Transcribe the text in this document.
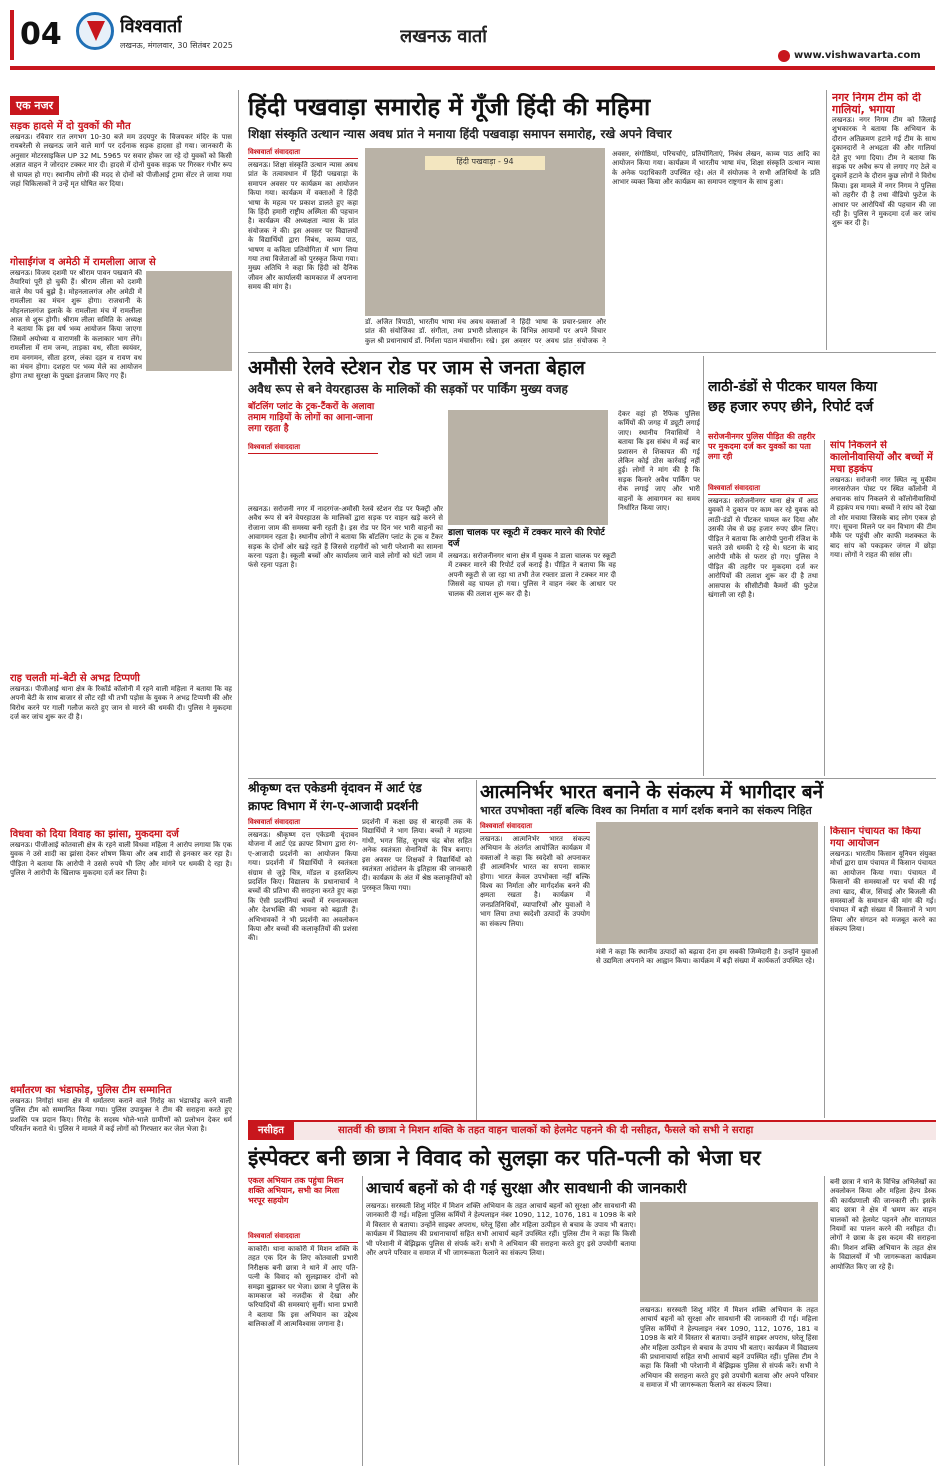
04	विश्ववार्ता
लखनऊ, मंगलवार, 30 सितंबर 2025	लखनऊ वार्ता
www.vishwavarta.com
एक नजर
सड़क हादसे में दो युवकों की मौत
लखनऊ। रविवार रात लगभग 10-30 बजे मम उदयपुर के विजयकर मंदिर के पास रायबरेली से लखनऊ जाने वाले मार्ग पर दर्दनाक सड़क हादसा हो गया। जानकारी के अनुसार मोटरसाइकिल UP 32 ML 5965 पर सवार होकर जा रहे दो युवकों को किसी अज्ञात वाहन ने जोरदार टक्कर मार दी। हादसे में दोनों युवक सड़क पर गिरकर गंभीर रूप से घायल हो गए। स्थानीय लोगों की मदद से दोनों को पीजीआई ट्रामा सेंटर ले जाया गया जहां चिकित्सकों ने उन्हें मृत घोषित कर दिया।
गोसाईंगंज व अमेठी में रामलीला आज से
लखनऊ। विजय दशमी पर श्रीराम पावन पखवाने की तैयारियां पूरी हो चुकी हैं। श्रीराम लीला को दशमी वाले मेघ पर्व बुझे है। मोहनलालगंज और अमेठी में रामलीला का मंचन शुरू होगा। राजधानी के मोहनलालगंज इलाके के रामलीला मंच में रामलीला आज से शुरू होगी। श्रीराम लीला समिति के अध्यक्ष ने बताया कि इस वर्ष भव्य आयोजन किया जाएगा जिसमें अयोध्या व वाराणसी के कलाकार भाग लेंगे। रामलीला में राम जन्म, ताड़का वध, सीता स्वयंवर, राम वनगमन, सीता हरण, लंका दहन व रावण वध का मंचन होगा। दशहरा पर भव्य मेले का आयोजन होगा तथा सुरक्षा के पुख्ता इंतजाम किए गए हैं।
राह चलती मां-बेटी से अभद्र टिप्पणी
लखनऊ। पीजीआई थाना क्षेत्र के रिकॉर्ड कॉलोनी में रहने वाली महिला ने बताया कि वह अपनी बेटी के साथ बाजार से लौट रही थी तभी पड़ोस के युवक ने अभद्र टिप्पणी की और विरोध करने पर गाली गलौज करते हुए जान से मारने की धमकी दी। पुलिस ने मुकदमा दर्ज कर जांच शुरू कर दी है।
विधवा को दिया विवाह का झांसा, मुकदमा दर्ज
लखनऊ। पीजीआई कोतवाली क्षेत्र के रहने वाली विधवा महिला ने आरोप लगाया कि एक युवक ने उसे शादी का झांसा देकर शोषण किया और अब शादी से इनकार कर रहा है। पीड़िता ने बताया कि आरोपी ने उससे रुपये भी लिए और मांगने पर धमकी दे रहा है। पुलिस ने आरोपी के खिलाफ मुकदमा दर्ज कर लिया है।
धर्मांतरण का भंडाफोड़, पुलिस टीम सम्मानित
लखनऊ। निगोहां थाना क्षेत्र में धर्मांतरण कराने वाले गिरोह का भंडाफोड़ करने वाली पुलिस टीम को सम्मानित किया गया। पुलिस उपायुक्त ने टीम की सराहना करते हुए प्रशस्ति पत्र प्रदान किए। गिरोह के सदस्य भोले-भाले ग्रामीणों को प्रलोभन देकर धर्म परिवर्तन कराते थे। पुलिस ने मामले में कई लोगों को गिरफ्तार कर जेल भेजा है।
हिंदी पखवाड़ा समारोह में गूँजी हिंदी की महिमा
शिक्षा संस्कृति उत्थान न्यास अवध प्रांत ने मनाया हिंदी पखवाड़ा समापन समारोह, रखे अपने विचार
विश्ववार्ता संवाददाता
लखनऊ। शिक्षा संस्कृति उत्थान न्यास अवध प्रांत के तत्वावधान में हिंदी पखवाड़ा के समापन अवसर पर कार्यक्रम का आयोजन किया गया। कार्यक्रम में वक्ताओं ने हिंदी भाषा के महत्व पर प्रकाश डालते हुए कहा कि हिंदी हमारी राष्ट्रीय अस्मिता की पहचान है। कार्यक्रम की अध्यक्षता न्यास के प्रांत संयोजक ने की। इस अवसर पर विद्यालयों के विद्यार्थियों द्वारा निबंध, काव्य पाठ, भाषण व कविता प्रतियोगिता में भाग लिया गया तथा विजेताओं को पुरस्कृत किया गया। मुख्य अतिथि ने कहा कि हिंदी को दैनिक जीवन और कार्यालयी कामकाज में अपनाना समय की मांग है।
हिंदी पखवाड़ा - 94
डॉ. अजित त्रिपाठी, भारतीय भाषा मंच अवध प्रांत की संयोजिका डॉ. संगीता, तथा प्रभारी कुल श्री प्रधानाचार्य डॉ. निर्मला पठान मंचासीन।
वक्ताओं ने हिंदी भाषा के प्रचार-प्रसार और प्रोत्साहन के विभिन्न आयामों पर अपने विचार रखे। इस अवसर पर अवध प्रांत संयोजक ने
अवसर, संगोष्ठियां, परिचर्चाएं, प्रतियोगिताएं, निबंध लेखन, काव्य पाठ आदि का आयोजन किया गया। कार्यक्रम में भारतीय भाषा मंच, शिक्षा संस्कृति उत्थान न्यास के अनेक पदाधिकारी उपस्थित रहे। अंत में संयोजक ने सभी अतिथियों के प्रति आभार व्यक्त किया और कार्यक्रम का समापन राष्ट्रगान के साथ हुआ।
नगर निगम टीम को दी गालियां, भगाया
लखनऊ। नगर निगम टीम को जिलाई शुभकारक ने बताया कि अभियान के दौरान अतिक्रमण हटाने गई टीम के साथ दुकानदारों ने अभद्रता की और गालियां देते हुए भगा दिया। टीम ने बताया कि सड़क पर अवैध रूप से लगाए गए ठेले व दुकानें हटाने के दौरान कुछ लोगों ने विरोध किया। इस मामले में नगर निगम ने पुलिस को तहरीर दी है तथा वीडियो फुटेज के आधार पर आरोपियों की पहचान की जा रही है। पुलिस ने मुकदमा दर्ज कर जांच शुरू कर दी है।
अमौसी रेलवे स्टेशन रोड पर जाम से जनता बेहाल
अवैध रूप से बने वेयरहाउस के मालिकों की सड़कों पर पार्किंग मुख्य वजह
बॉटलिंग प्लांट के ट्रक-टैंकरों के अलावा तमाम गाड़ियों के लोगों का आना-जाना लगा रहता है
विश्ववार्ता संवाददाता
लखनऊ। सरोजनी नगर में नादरगंज-अमौसी रेलवे स्टेशन रोड पर फैक्ट्री और अवैध रूप से बने वेयरहाउस के मालिकों द्वारा सड़क पर वाहन खड़े करने से रोजाना जाम की समस्या बनी रहती है। इस रोड पर दिन भर भारी वाहनों का आवागमन रहता है। स्थानीय लोगों ने बताया कि बॉटलिंग प्लांट के ट्रक व टैंकर सड़क के दोनों ओर खड़े रहते हैं जिससे राहगीरों को भारी परेशानी का सामना करना पड़ता है। स्कूली बच्चों और कार्यालय जाने वाले लोगों को घंटों जाम में फंसे रहना पड़ता है।
डाला चालक पर स्कूटी में टक्कर मारने की रिपोर्ट दर्ज
लखनऊ। सरोजनीनगर थाना क्षेत्र में युवक ने डाला चालक पर स्कूटी में टक्कर मारने की रिपोर्ट दर्ज कराई है। पीड़ित ने बताया कि वह अपनी स्कूटी से जा रहा था तभी तेज रफ्तार डाला ने टक्कर मार दी जिससे वह घायल हो गया। पुलिस ने वाहन नंबर के आधार पर चालक की तलाश शुरू कर दी है।
देकर वहां हो रैफिक पुलिस कर्मियों की जगह में ड्यूटी लगाई जाए। स्थानीय निवासियों ने बताया कि इस संबंध में कई बार प्रशासन से शिकायत की गई लेकिन कोई ठोस कार्रवाई नहीं हुई। लोगों ने मांग की है कि सड़क किनारे अवैध पार्किंग पर रोक लगाई जाए और भारी वाहनों के आवागमन का समय निर्धारित किया जाए।
लाठी-डंडों से पीटकर घायल किया
छह हजार रुपए छीने, रिपोर्ट दर्ज
सरोजनीनगर पुलिस पीड़ित की तहरीर पर मुकदमा दर्ज कर युवकों का पता लगा रही
विश्ववार्ता संवाददाता
लखनऊ। सरोजनीनगर थाना क्षेत्र में आठ युवकों ने दुकान पर काम कर रहे युवक को लाठी-डंडों से पीटकर घायल कर दिया और उसकी जेब से छह हजार रुपए छीन लिए। पीड़ित ने बताया कि आरोपी पुरानी रंजिश के चलते उसे धमकी दे रहे थे। घटना के बाद आरोपी मौके से फरार हो गए। पुलिस ने पीड़ित की तहरीर पर मुकदमा दर्ज कर आरोपियों की तलाश शुरू कर दी है तथा आसपास के सीसीटीवी कैमरों की फुटेज खंगाली जा रही है।
सांप निकलने से कालोनीवासियों और बच्चों में मचा हड़कंप
लखनऊ। सरोजनी नगर स्थित न्यू मुकीम नगरसरोजन पोस्ट पर स्थित कॉलोनी में अचानक सांप निकलने से कॉलोनीवासियों में हड़कंप मच गया। बच्चों ने सांप को देखा तो शोर मचाया जिसके बाद लोग एकत्र हो गए। सूचना मिलने पर वन विभाग की टीम मौके पर पहुंची और काफी मशक्कत के बाद सांप को पकड़कर जंगल में छोड़ा गया। लोगों ने राहत की सांस ली।
श्रीकृष्ण दत्त एकेडमी वृंदावन में आर्ट एंड
क्राफ्ट विभाग में रंग-ए-आजादी प्रदर्शनी
विश्ववार्ता संवाददाता
लखनऊ। श्रीकृष्ण दत्त एकेडमी वृंदावन योजना में आर्ट एंड क्राफ्ट विभाग द्वारा रंग-ए-आजादी प्रदर्शनी का आयोजन किया गया। प्रदर्शनी में विद्यार्थियों ने स्वतंत्रता संग्राम से जुड़े चित्र, मॉडल व हस्तशिल्प प्रदर्शित किए। विद्यालय के प्रधानाचार्य ने बच्चों की प्रतिभा की सराहना करते हुए कहा कि ऐसी प्रदर्शनियां बच्चों में रचनात्मकता और देशभक्ति की भावना को बढ़ाती हैं। अभिभावकों ने भी प्रदर्शनी का अवलोकन किया और बच्चों की कलाकृतियों की प्रशंसा की।
प्रदर्शनी में कक्षा छह से बारहवीं तक के विद्यार्थियों ने भाग लिया। बच्चों ने महात्मा गांधी, भगत सिंह, सुभाष चंद्र बोस सहित अनेक स्वतंत्रता सेनानियों के चित्र बनाए। इस अवसर पर शिक्षकों ने विद्यार्थियों को स्वतंत्रता आंदोलन के इतिहास की जानकारी दी। कार्यक्रम के अंत में श्रेष्ठ कलाकृतियों को पुरस्कृत किया गया।
आत्मनिर्भर भारत बनाने के संकल्प में भागीदार बनें
भारत उपभोक्ता नहीं बल्कि विश्व का निर्माता व मार्ग दर्शक बनाने का संकल्प निहित
विश्ववार्ता संवाददाता
लखनऊ। आत्मनिर्भर भारत संकल्प अभियान के अंतर्गत आयोजित कार्यक्रम में वक्ताओं ने कहा कि स्वदेशी को अपनाकर ही आत्मनिर्भर भारत का सपना साकार होगा। भारत केवल उपभोक्ता नहीं बल्कि विश्व का निर्माता और मार्गदर्शक बनने की क्षमता रखता है। कार्यक्रम में जनप्रतिनिधियों, व्यापारियों और युवाओं ने भाग लिया तथा स्वदेशी उत्पादों के उपयोग का संकल्प लिया।
मंत्री ने कहा कि स्थानीय उत्पादों को बढ़ावा देना हम सबकी जिम्मेदारी है। उन्होंने युवाओं से उद्यमिता अपनाने का आह्वान किया। कार्यक्रम में बड़ी संख्या में कार्यकर्ता उपस्थित रहे।
किसान पंचायत का किया गया आयोजन
लखनऊ। भारतीय किसान यूनियन संयुक्त मोर्चा द्वारा ग्राम पंचायत में किसान पंचायत का आयोजन किया गया। पंचायत में किसानों की समस्याओं पर चर्चा की गई तथा खाद, बीज, सिंचाई और बिजली की समस्याओं के समाधान की मांग की गई। पंचायत में बड़ी संख्या में किसानों ने भाग लिया और संगठन को मजबूत करने का संकल्प लिया।
नसीहत	सातवीं की छात्रा ने मिशन शक्ति के तहत वाहन चालकों को हेलमेट पहनने की दी नसीहत, फैसले को सभी ने सराहा
इंस्पेक्टर बनी छात्रा ने विवाद को सुलझा कर पति-पत्नी को भेजा घर
एकल अभियान तक पहुंचा मिशन शक्ति अभियान, सभी का मिला भरपूर सहयोग
विश्ववार्ता संवाददाता
काकोरी। थाना काकोरी में मिशन शक्ति के तहत एक दिन के लिए कोतवाली प्रभारी निरीक्षक बनी छात्रा ने थाने में आए पति-पत्नी के विवाद को सुलझाकर दोनों को समझा बुझाकर घर भेजा। छात्रा ने पुलिस के कामकाज को नजदीक से देखा और फरियादियों की समस्याएं सुनीं। थाना प्रभारी ने बताया कि इस अभियान का उद्देश्य बालिकाओं में आत्मविश्वास जगाना है।
आचार्य बहनों को दी गई सुरक्षा और सावधानी की जानकारी
लखनऊ। सरस्वती शिशु मंदिर में मिशन शक्ति अभियान के तहत आचार्य बहनों को सुरक्षा और सावधानी की जानकारी दी गई। महिला पुलिस कर्मियों ने हेल्पलाइन नंबर 1090, 112, 1076, 181 व 1098 के बारे में विस्तार से बताया। उन्होंने साइबर अपराध, घरेलू हिंसा और महिला उत्पीड़न से बचाव के उपाय भी बताए। कार्यक्रम में विद्यालय की प्रधानाचार्या सहित सभी आचार्य बहनें उपस्थित रहीं। पुलिस टीम ने कहा कि किसी भी परेशानी में बेझिझक पुलिस से संपर्क करें। सभी ने अभियान की सराहना करते हुए इसे उपयोगी बताया और अपने परिवार व समाज में भी जागरूकता फैलाने का संकल्प लिया।
लखनऊ। सरस्वती शिशु मंदिर में मिशन शक्ति अभियान के तहत आचार्य बहनों को सुरक्षा और सावधानी की जानकारी दी गई। महिला पुलिस कर्मियों ने हेल्पलाइन नंबर 1090, 112, 1076, 181 व 1098 के बारे में विस्तार से बताया। उन्होंने साइबर अपराध, घरेलू हिंसा और महिला उत्पीड़न से बचाव के उपाय भी बताए। कार्यक्रम में विद्यालय की प्रधानाचार्या सहित सभी आचार्य बहनें उपस्थित रहीं। पुलिस टीम ने कहा कि किसी भी परेशानी में बेझिझक पुलिस से संपर्क करें। सभी ने अभियान की सराहना करते हुए इसे उपयोगी बताया और अपने परिवार व समाज में भी जागरूकता फैलाने का संकल्प लिया।
बनी छात्रा ने थाने के विभिन्न अभिलेखों का अवलोकन किया और महिला हेल्प डेस्क की कार्यप्रणाली की जानकारी ली। इसके बाद छात्रा ने क्षेत्र में भ्रमण कर वाहन चालकों को हेलमेट पहनने और यातायात नियमों का पालन करने की नसीहत दी। लोगों ने छात्रा के इस कदम की सराहना की। मिशन शक्ति अभियान के तहत क्षेत्र के विद्यालयों में भी जागरूकता कार्यक्रम आयोजित किए जा रहे हैं।
